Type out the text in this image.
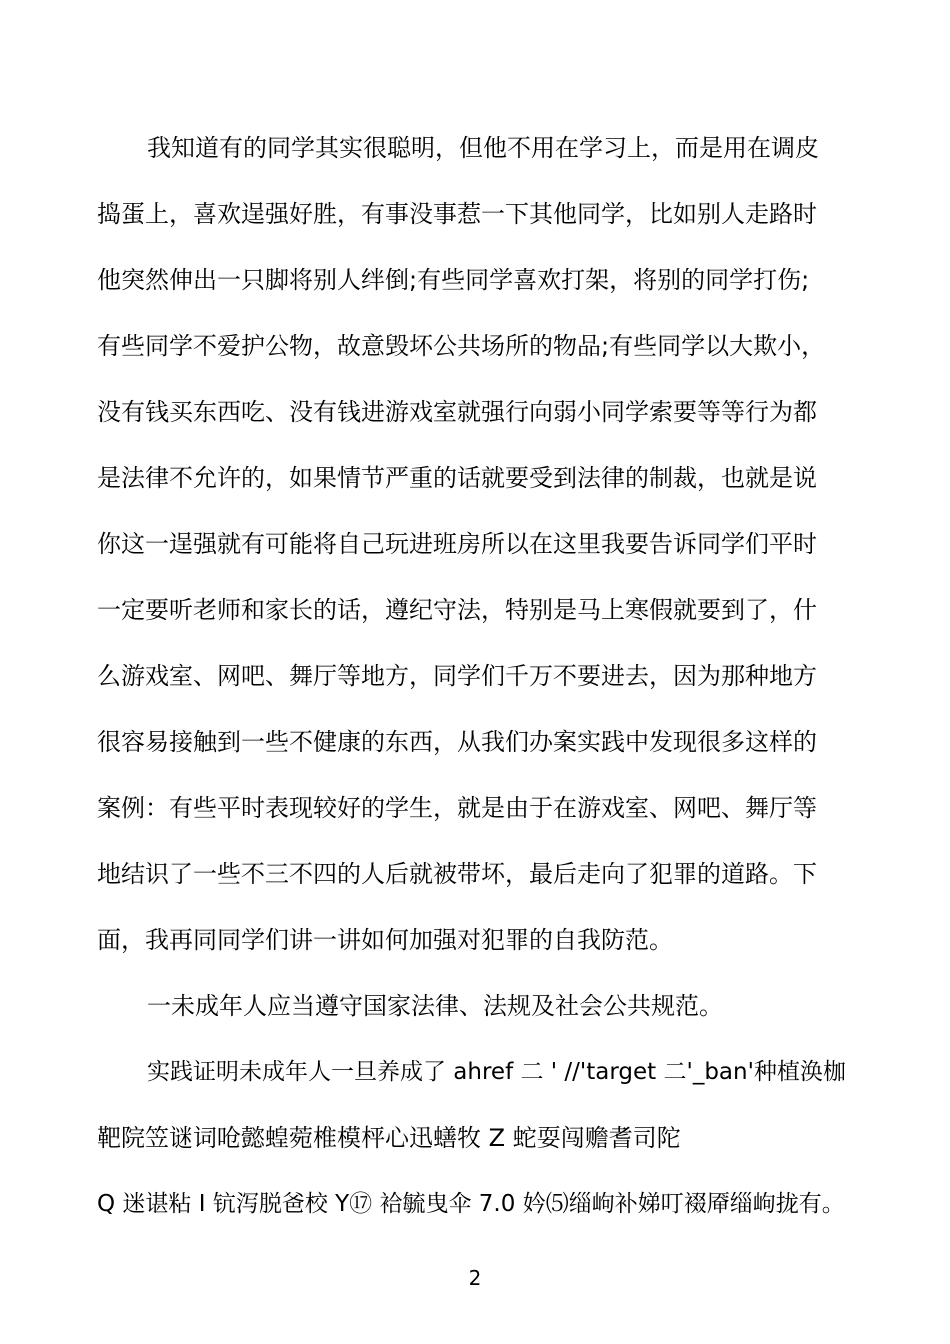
我知道有的同学其实很聪明，但他不用在学习上，而是用在调皮
捣蛋上，喜欢逞强好胜，有事没事惹一下其他同学，比如别人走路时
他突然伸出一只脚将别人绊倒;有些同学喜欢打架，将别的同学打伤;
有些同学不爱护公物，故意毁坏公共场所的物品;有些同学以大欺小，
没有钱买东西吃、没有钱进游戏室就强行向弱小同学索要等等行为都
是法律不允许的，如果情节严重的话就要受到法律的制裁，也就是说
你这一逞强就有可能将自己玩进班房所以在这里我要告诉同学们平时
一定要听老师和家长的话，遵纪守法，特别是马上寒假就要到了，什
么游戏室、网吧、舞厅等地方，同学们千万不要进去，因为那种地方
很容易接触到一些不健康的东西，从我们办案实践中发现很多这样的
案例：有些平时表现较好的学生，就是由于在游戏室、网吧、舞厅等
地结识了一些不三不四的人后就被带坏，最后走向了犯罪的道路。下
面，我再同同学们讲一讲如何加强对犯罪的自我防范。
一未成年人应当遵守国家法律、法规及社会公共规范。
实践证明未成年人一旦养成了 ahref 二 ' //'target 二'_ban'种植涣枷
靶院笠谜词呛懿蝗菀椎模枰心迅蟮牧 Z 蛇耍闯赡耆司陀
Q 迷谌粘 I 钪泻脱爸校 Y⑰ 袷毓曳伞 7.0 妗⑸缁岣补娣叮裰厣缁岣拢有。
2
